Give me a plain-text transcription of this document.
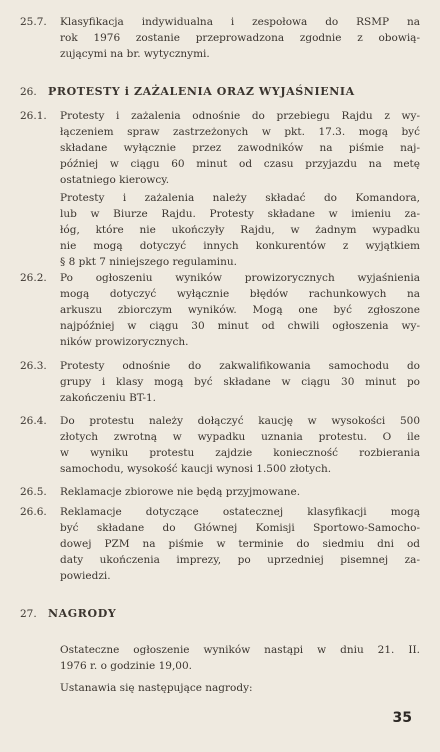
25.7. Klasyfikacja indywidualna i zespołowa do RSMP na
rok 1976 zostanie przeprowadzona zgodnie z obowią-
zującymi na br. wytycznymi.
26. PROTESTY i ZAŻALENIA ORAZ WYJAŚNIENIA
26.1. Protesty i zażalenia odnośnie do przebiegu Rajdu z wy-
łączeniem spraw zastrzeżonych w pkt. 17.3. mogą być
składane wyłącznie przez zawodników na piśmie naj-
później w ciągu 60 minut od czasu przyjazdu na metę
ostatniego kierowcy.
Protesty i zażalenia należy składać do Komandora,
lub w Biurze Rajdu. Protesty składane w imieniu za-
łóg, które nie ukończyły Rajdu, w żadnym wypadku
nie mogą dotyczyć innych konkurentów z wyjątkiem
§ 8 pkt 7 niniejszego regulaminu.
26.2. Po ogłoszeniu wyników prowizorycznych wyjaśnienia
mogą dotyczyć wyłącznie błędów rachunkowych na
arkuszu zbiorczym wyników. Mogą one być zgłoszone
najpóźniej w ciągu 30 minut od chwili ogłoszenia wy-
ników prowizorycznych.
26.3. Protesty odnośnie do zakwalifikowania samochodu do
grupy i klasy mogą być składane w ciągu 30 minut po
zakończeniu BT-1.
26.4. Do protestu należy dołączyć kaucję w wysokości 500
złotych zwrotną w wypadku uznania protestu. O ile
w wyniku protestu zajdzie konieczność rozbierania
samochodu, wysokość kaucji wynosi 1.500 złotych.
26.5. Reklamacje zbiorowe nie będą przyjmowane.
26.6. Reklamacje dotyczące ostatecznej klasyfikacji mogą
być składane do Głównej Komisji Sportowo-Samocho-
dowej PZM na piśmie w terminie do siedmiu dni od
daty ukończenia imprezy, po uprzedniej pisemnej za-
powiedzi.
27. NAGRODY
Ostateczne ogłoszenie wyników nastąpi w dniu 21. II.
1976 r. o godzinie 19,00.
Ustanawia się następujące nagrody:
35
